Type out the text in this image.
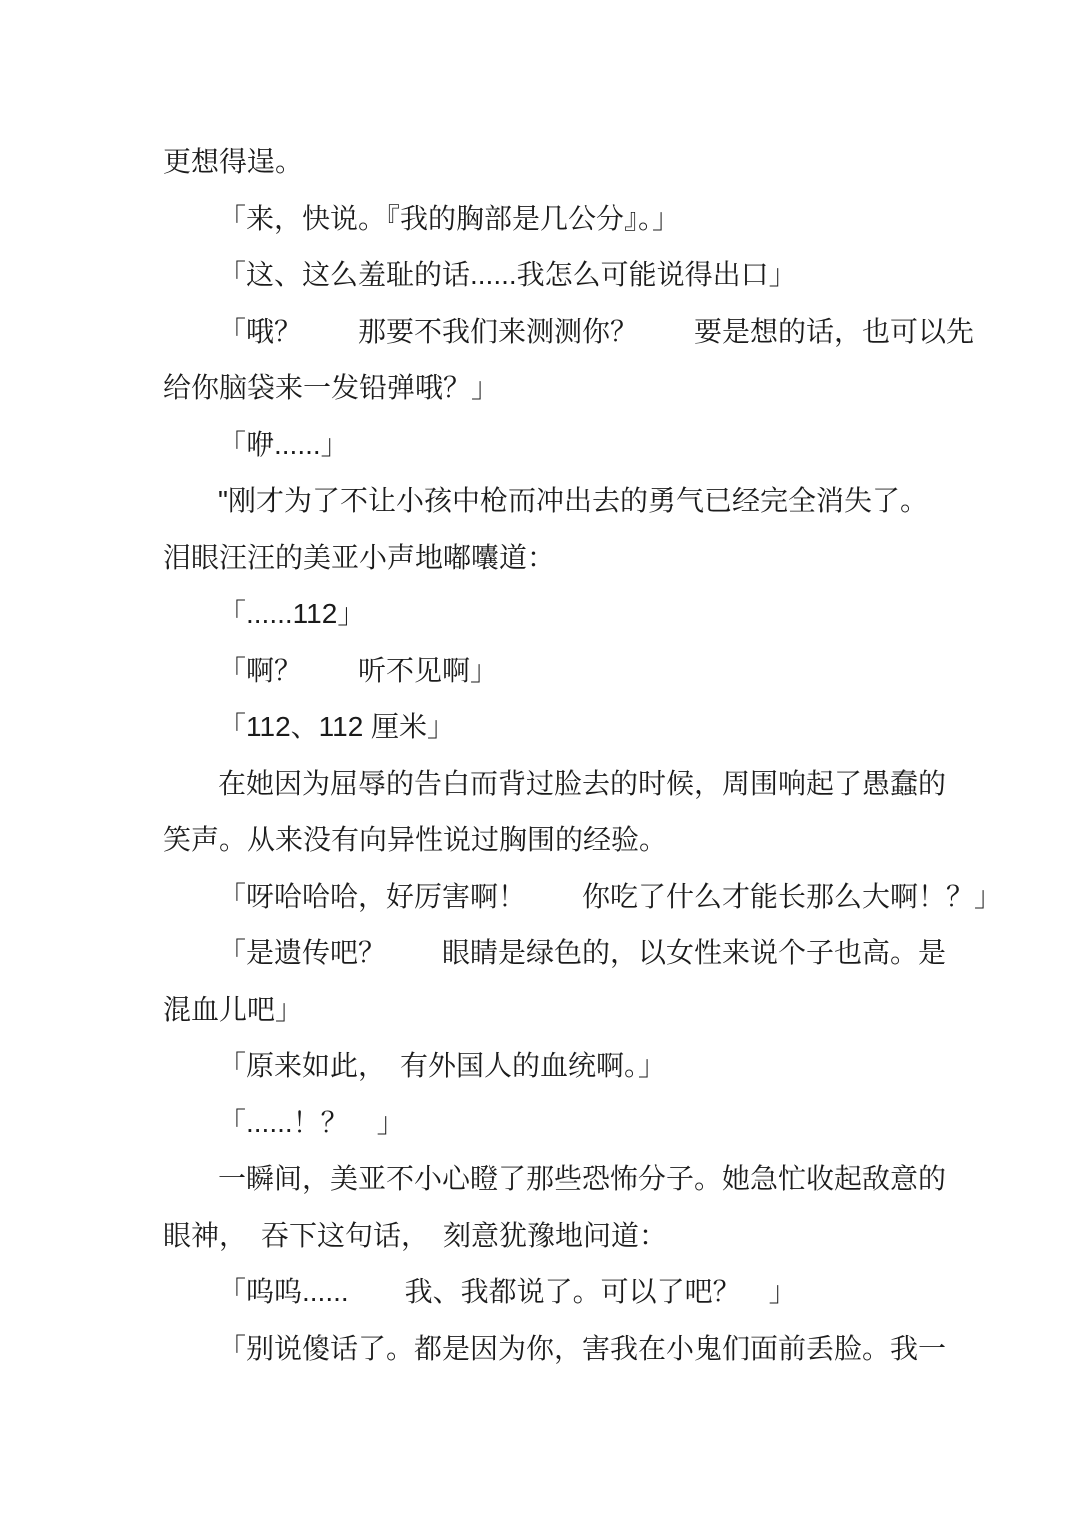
更想得逞。
「来，快说。『我的胸部是几公分』。」
「这、这么羞耻的话......我怎么可能说得出口」
「哦？　　那要不我们来测测你？　　要是想的话，也可以先
给你脑袋来一发铅弹哦？」
「咿......」
"刚才为了不让小孩中枪而冲出去的勇气已经完全消失了。
泪眼汪汪的美亚小声地嘟囔道：
「......112」
「啊？　　听不见啊」
「112、112 厘米」
在她因为屈辱的告白而背过脸去的时候，周围响起了愚蠢的
笑声。从来没有向异性说过胸围的经验。
「呀哈哈哈，好厉害啊！　　你吃了什么才能长那么大啊！？」
「是遗传吧？　　眼睛是绿色的，以女性来说个子也高。是
混血儿吧」
「原来如此，　有外国人的血统啊。」
「......！？　」
一瞬间，美亚不小心瞪了那些恐怖分子。她急忙收起敌意的
眼神，　吞下这句话，　刻意犹豫地问道：
「呜呜......　　我、我都说了。可以了吧？　」
「别说傻话了。都是因为你，害我在小鬼们面前丢脸。我一
